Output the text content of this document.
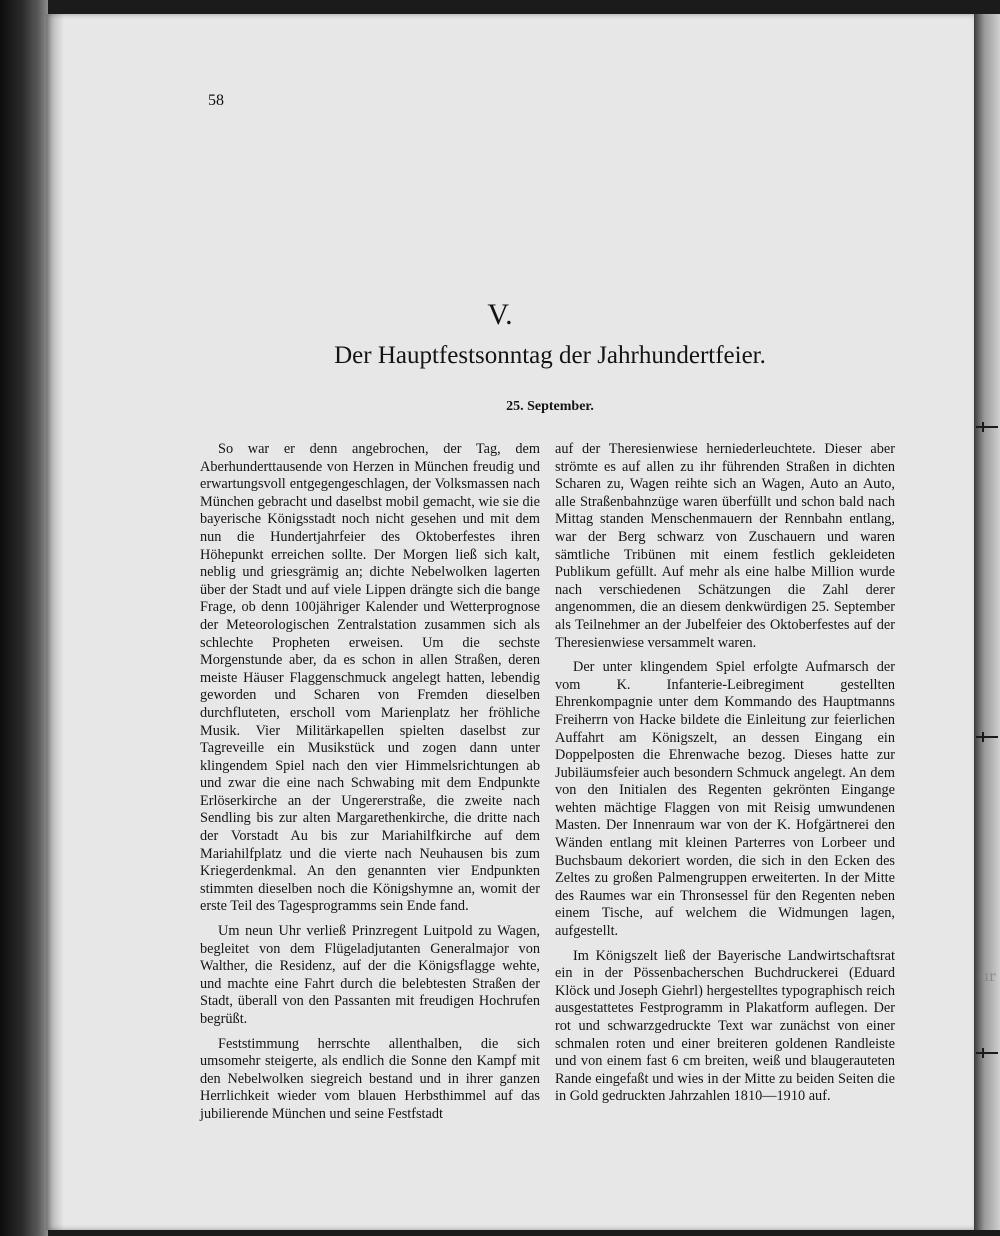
ur
58
V.
Der Hauptfestsonntag der Jahrhundertfeier.
25. September.

So war er denn angebrochen, der Tag, dem Aberhunderttausende von Herzen in München freudig und erwartungsvoll entgegengeschlagen, der Volksmassen nach München gebracht und daselbst mobil gemacht, wie sie die bayerische Königsstadt noch nicht gesehen und mit dem nun die Hundertjahrfeier des Oktoberfestes ihren Höhepunkt erreichen sollte. Der Morgen ließ sich kalt, neblig und griesgrämig an; dichte Nebelwolken lagerten über der Stadt und auf viele Lippen drängte sich die bange Frage, ob denn 100jähriger Kalender und Wetterprognose der Meteorologischen Zentralstation zusammen sich als schlechte Propheten erweisen. Um die sechste Morgenstunde aber, da es schon in allen Straßen, deren meiste Häuser Flaggenschmuck angelegt hatten, lebendig geworden und Scharen von Fremden dieselben durchfluteten, erscholl vom Marienplatz her fröhliche Musik. Vier Militärkapellen spielten daselbst zur Tagreveille ein Musikstück und zogen dann unter klingendem Spiel nach den vier Himmelsrichtungen ab und zwar die eine nach Schwabing mit dem Endpunkte Erlöserkirche an der Ungererstraße, die zweite nach Sendling bis zur alten Margarethenkirche, die dritte nach der Vorstadt Au bis zur Mariahilfkirche auf dem Mariahilfplatz und die vierte nach Neuhausen bis zum Kriegerdenkmal. An den genannten vier Endpunkten stimmten dieselben noch die Königshymne an, womit der erste Teil des Tagesprogramms sein Ende fand.

Um neun Uhr verließ Prinzregent Luitpold zu Wagen, begleitet von dem Flügeladjutanten Generalmajor von Walther, die Residenz, auf der die Königsflagge wehte, und machte eine Fahrt durch die belebtesten Straßen der Stadt, überall von den Passanten mit freudigen Hochrufen begrüßt.

Feststimmung herrschte allenthalben, die sich umsomehr steigerte, als endlich die Sonne den Kampf mit den Nebelwolken siegreich bestand und in ihrer ganzen Herrlichkeit wieder vom blauen Herbsthimmel auf das jubilierende München und seine Festfstadt

auf der Theresienwiese herniederleuchtete. Dieser aber strömte es auf allen zu ihr führenden Straßen in dichten Scharen zu, Wagen reihte sich an Wagen, Auto an Auto, alle Straßenbahnzüge waren überfüllt und schon bald nach Mittag standen Menschenmauern der Rennbahn entlang, war der Berg schwarz von Zuschauern und waren sämtliche Tribünen mit einem festlich gekleideten Publikum gefüllt. Auf mehr als eine halbe Million wurde nach verschiedenen Schätzungen die Zahl derer angenommen, die an diesem denkwürdigen 25. September als Teilnehmer an der Jubelfeier des Oktoberfestes auf der Theresienwiese versammelt waren.

Der unter klingendem Spiel erfolgte Aufmarsch der vom K. Infanterie-Leibregiment gestellten Ehrenkompagnie unter dem Kommando des Hauptmanns Freiherrn von Hacke bildete die Einleitung zur feierlichen Auffahrt am Königszelt, an dessen Eingang ein Doppelposten die Ehrenwache bezog. Dieses hatte zur Jubiläumsfeier auch besondern Schmuck angelegt. An dem von den Initialen des Regenten gekrönten Eingange wehten mächtige Flaggen von mit Reisig umwundenen Masten. Der Innenraum war von der K. Hofgärtnerei den Wänden entlang mit kleinen Parterres von Lorbeer und Buchsbaum dekoriert worden, die sich in den Ecken des Zeltes zu großen Palmengruppen erweiterten. In der Mitte des Raumes war ein Thronsessel für den Regenten neben einem Tische, auf welchem die Widmungen lagen, aufgestellt.

Im Königszelt ließ der Bayerische Landwirtschaftsrat ein in der Pössenbacherschen Buchdruckerei (Eduard Klöck und Joseph Giehrl) hergestelltes typographisch reich ausgestattetes Festprogramm in Plakatform auflegen. Der rot und schwarzgedruckte Text war zunächst von einer schmalen roten und einer breiteren goldenen Randleiste und von einem fast 6 cm breiten, weiß und blaugerauteten Rande eingefaßt und wies in der Mitte zu beiden Seiten die in Gold gedruckten Jahrzahlen 1810—1910 auf.
